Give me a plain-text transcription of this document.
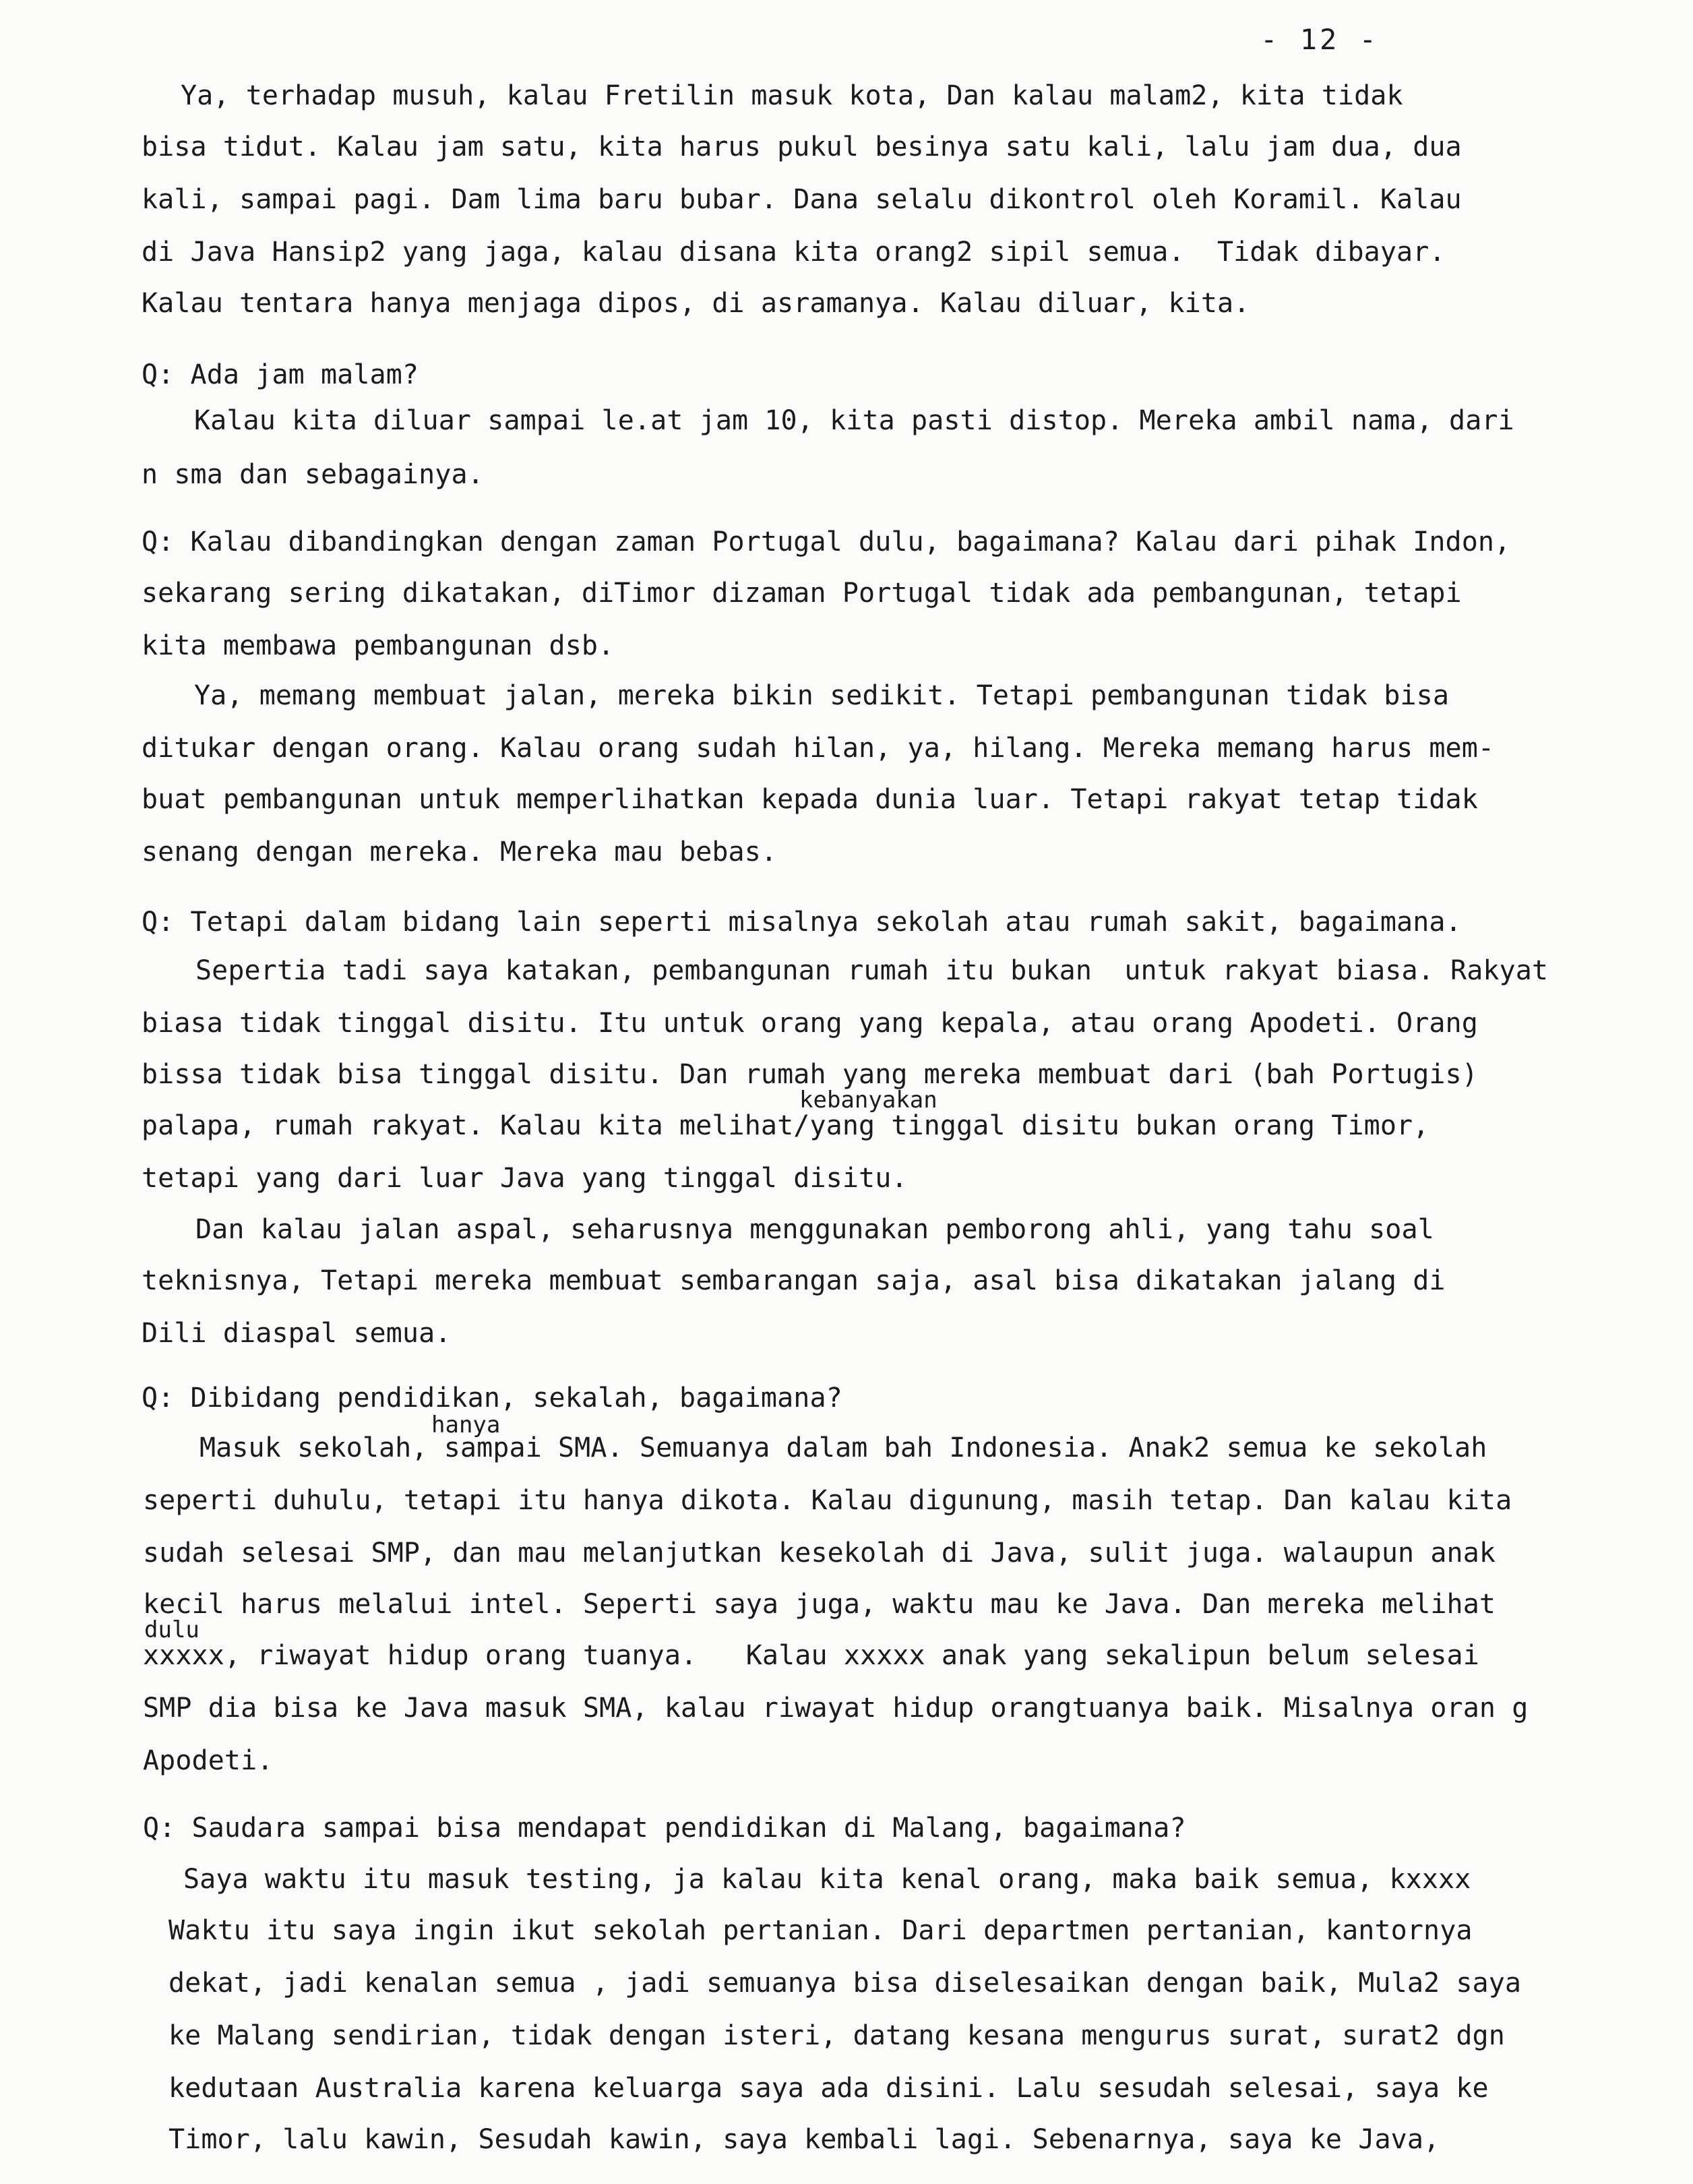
- 12 -
Ya, terhadap musuh, kalau Fretilin masuk kota, Dan kalau malam2, kita tidak
bisa tidut. Kalau jam satu, kita harus pukul besinya satu kali, lalu jam dua, dua
kali, sampai pagi. Dam lima baru bubar. Dana selalu dikontrol oleh Koramil. Kalau
di Java Hansip2 yang jaga, kalau disana kita orang2 sipil semua.  Tidak dibayar.
Kalau tentara hanya menjaga dipos, di asramanya. Kalau diluar, kita.
Q: Ada jam malam?
Kalau kita diluar sampai le.at jam 10, kita pasti distop. Mereka ambil nama, dari
n sma dan sebagainya.
Q: Kalau dibandingkan dengan zaman Portugal dulu, bagaimana? Kalau dari pihak Indon,
sekarang sering dikatakan, diTimor dizaman Portugal tidak ada pembangunan, tetapi
kita membawa pembangunan dsb.
Ya, memang membuat jalan, mereka bikin sedikit. Tetapi pembangunan tidak bisa
ditukar dengan orang. Kalau orang sudah hilan, ya, hilang. Mereka memang harus mem-
buat pembangunan untuk memperlihatkan kepada dunia luar. Tetapi rakyat tetap tidak
senang dengan mereka. Mereka mau bebas.
Q: Tetapi dalam bidang lain seperti misalnya sekolah atau rumah sakit, bagaimana.
Sepertia tadi saya katakan, pembangunan rumah itu bukan  untuk rakyat biasa. Rakyat
biasa tidak tinggal disitu. Itu untuk orang yang kepala, atau orang Apodeti. Orang
bissa tidak bisa tinggal disitu. Dan rumah yang mereka membuat dari (bah Portugis)
kebanyakan
palapa, rumah rakyat. Kalau kita melihat/yang tinggal disitu bukan orang Timor,
tetapi yang dari luar Java yang tinggal disitu.
Dan kalau jalan aspal, seharusnya menggunakan pemborong ahli, yang tahu soal
teknisnya, Tetapi mereka membuat sembarangan saja, asal bisa dikatakan jalang di
Dili diaspal semua.
Q: Dibidang pendidikan, sekalah, bagaimana?
hanya
Masuk sekolah, sampai SMA. Semuanya dalam bah Indonesia. Anak2 semua ke sekolah
seperti duhulu, tetapi itu hanya dikota. Kalau digunung, masih tetap. Dan kalau kita
sudah selesai SMP, dan mau melanjutkan kesekolah di Java, sulit juga. walaupun anak
kecil harus melalui intel. Seperti saya juga, waktu mau ke Java. Dan mereka melihat
dulu
xxxxx, riwayat hidup orang tuanya.   Kalau xxxxx anak yang sekalipun belum selesai
SMP dia bisa ke Java masuk SMA, kalau riwayat hidup orangtuanya baik. Misalnya oran g
Apodeti.
Q: Saudara sampai bisa mendapat pendidikan di Malang, bagaimana?
Saya waktu itu masuk testing, ja kalau kita kenal orang, maka baik semua, kxxxx
Waktu itu saya ingin ikut sekolah pertanian. Dari departmen pertanian, kantornya
dekat, jadi kenalan semua , jadi semuanya bisa diselesaikan dengan baik, Mula2 saya
ke Malang sendirian, tidak dengan isteri, datang kesana mengurus surat, surat2 dgn
kedutaan Australia karena keluarga saya ada disini. Lalu sesudah selesai, saya ke
Timor, lalu kawin, Sesudah kawin, saya kembali lagi. Sebenarnya, saya ke Java,
